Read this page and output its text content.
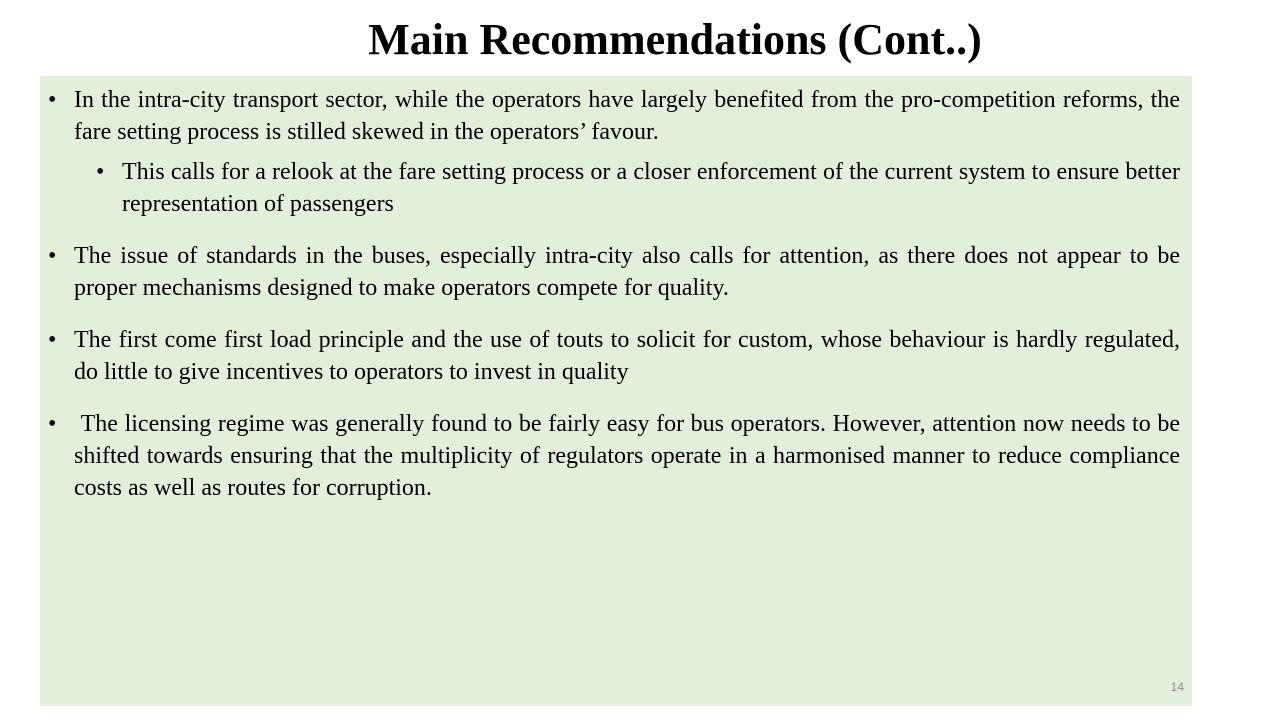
Main Recommendations (Cont..)
• In the intra-city transport sector, while the operators have largely benefited from the pro-competition reforms, the fare setting process is stilled skewed in the operators’ favour.
• This calls for a relook at the fare setting process or a closer enforcement of the current system to ensure better representation of passengers
• The issue of standards in the buses, especially intra-city also calls for attention, as there does not appear to be proper mechanisms designed to make operators compete for quality.
• The first come first load principle and the use of touts to solicit for custom, whose behaviour is hardly regulated, do little to give incentives to operators to invest in quality
• The licensing regime was generally found to be fairly easy for bus operators. However, attention now needs to be shifted towards ensuring that the multiplicity of regulators operate in a harmonised manner to reduce compliance costs as well as routes for corruption.
14
